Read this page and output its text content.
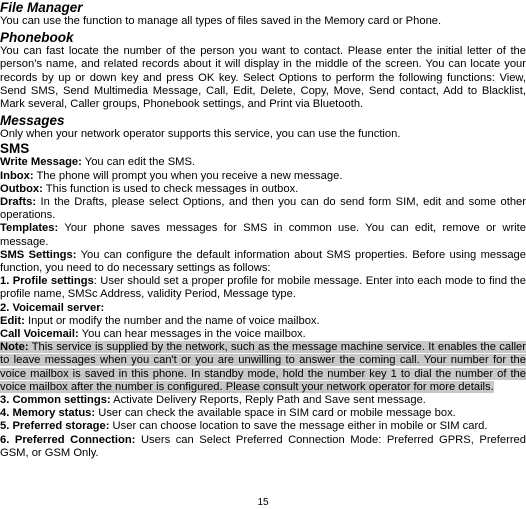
File Manager

You can use the function to manage all types of files saved in the Memory card or Phone.

Phonebook

You can fast locate the number of the person you want to contact. Please enter the initial letter of the person’s name, and related records about it will display in the middle of the screen. You can locate your records by up or down key and press OK key. Select Options to perform the following functions: View, Send SMS, Send Multimedia Message, Call, Edit, Delete, Copy, Move, Send contact, Add to Blacklist, Mark several, Caller groups, Phonebook settings, and Print via Bluetooth.

Messages

Only when your network operator supports this service, you can use the function.

SMS

Write Message: You can edit the SMS.

Inbox: The phone will prompt you when you receive a new message.

Outbox: This function is used to check messages in outbox.

Drafts: In the Drafts, please select Options, and then you can do send form SIM, edit and some other operations.

Templates: Your phone saves messages for SMS in common use. You can edit, remove or write message.

SMS Settings: You can configure the default information about SMS properties. Before using message function, you need to do necessary settings as follows:

1. Profile settings: User should set a proper profile for mobile message. Enter into each mode to find the profile name, SMSc Address, validity Period, Message type.

2. Voicemail server:

Edit: Input or modify the number and the name of voice mailbox.

Call Voicemail: You can hear messages in the voice mailbox.

Note: This service is supplied by the network, such as the message machine service. It enables the caller to leave messages when you can't or you are unwilling to answer the coming call. Your number for the voice mailbox is saved in this phone. In standby mode, hold the number key 1 to dial the number of the voice mailbox after the number is configured. Please consult your network operator for more details.

3. Common settings: Activate Delivery Reports, Reply Path and Save sent message.

4. Memory status: User can check the available space in SIM card or mobile message box.

5. Preferred storage: User can choose location to save the message either in mobile or SIM card.

6. Preferred Connection: Users can Select Preferred Connection Mode: Preferred GPRS, Preferred GSM, or GSM Only.

15
